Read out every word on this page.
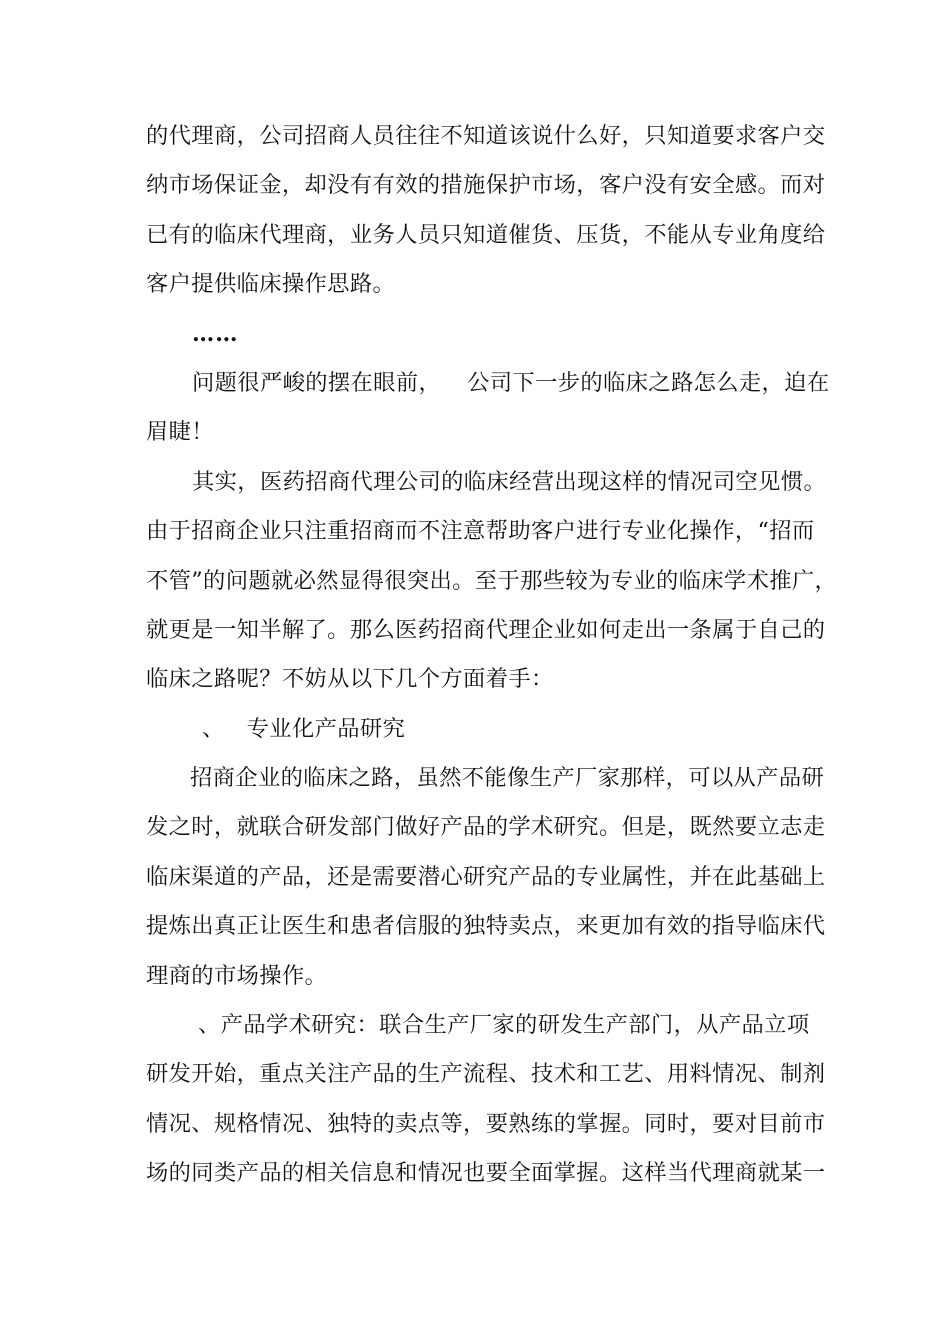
的代理商，公司招商人员往往不知道该说什么好，只知道要求客户交
纳市场保证金，却没有有效的措施保护市场，客户没有安全感。而对
已有的临床代理商，业务人员只知道催货、压货，不能从专业角度给
客户提供临床操作思路。
……
问题很严峻的摆在眼前， 公司下一步的临床之路怎么走，迫在
眉睫！
其实，医药招商代理公司的临床经营出现这样的情况司空见惯。
由于招商企业只注重招商而不注意帮助客户进行专业化操作，“招而
不管”的问题就必然显得很突出。至于那些较为专业的临床学术推广，
就更是一知半解了。那么医药招商代理企业如何走出一条属于自己的
临床之路呢？不妨从以下几个方面着手：
、 专业化产品研究
招商企业的临床之路，虽然不能像生产厂家那样，可以从产品研
发之时，就联合研发部门做好产品的学术研究。但是，既然要立志走
临床渠道的产品，还是需要潜心研究产品的专业属性，并在此基础上
提炼出真正让医生和患者信服的独特卖点，来更加有效的指导临床代
理商的市场操作。
、产品学术研究：联合生产厂家的研发生产部门，从产品立项
研发开始，重点关注产品的生产流程、技术和工艺、用料情况、制剂
情况、规格情况、独特的卖点等，要熟练的掌握。同时，要对目前市
场的同类产品的相关信息和情况也要全面掌握。这样当代理商就某一
